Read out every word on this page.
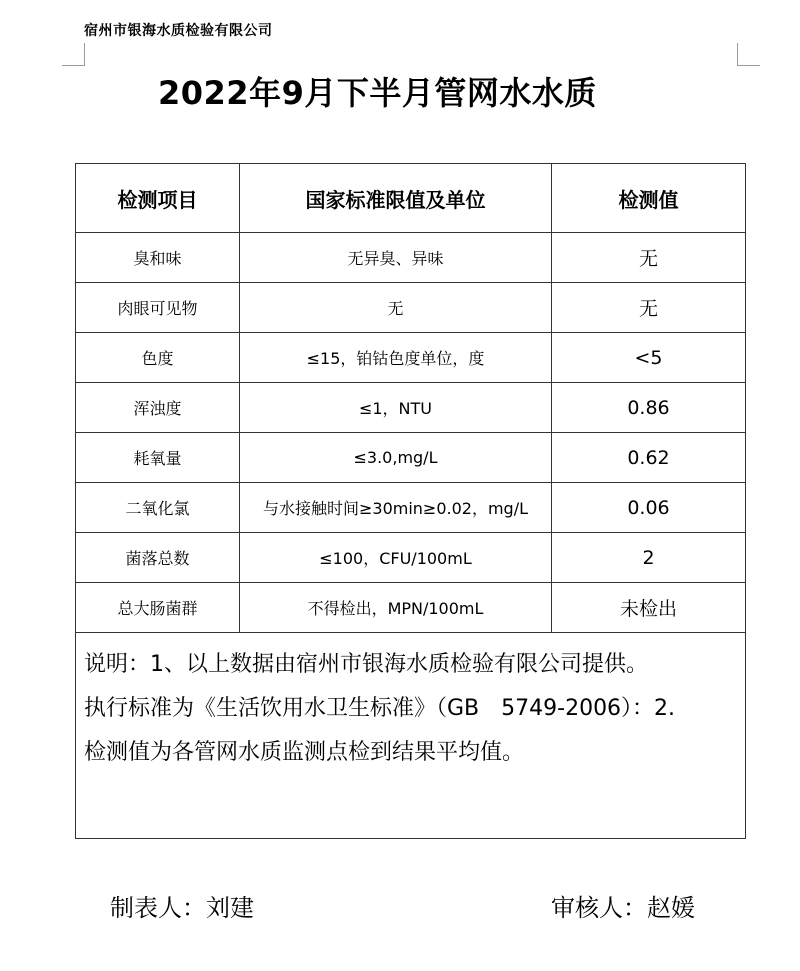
宿州市银海水质检验有限公司
2022年9月下半月管网水水质
检测项目	国家标准限值及单位	检测值
臭和味	无异臭、异味	无
肉眼可见物	无	无
色度	≤15，铂钴色度单位，度	<5
浑浊度	≤1，NTU	0.86
耗氧量	≤3.0,mg/L	0.62
二氧化氯	与水接触时间≥30min≥0.02，mg/L	0.06
菌落总数	≤100，CFU/100mL	2
总大肠菌群	不得检出，MPN/100mL	未检出

说明：1、以上数据由宿州市银海水质检验有限公司提供。

执行标准为《生活饮用水卫生标准》（GB　5749-2006）：2.

检测值为各管网水质监测点检到结果平均值。		

制表人：刘建	审核人：赵媛
